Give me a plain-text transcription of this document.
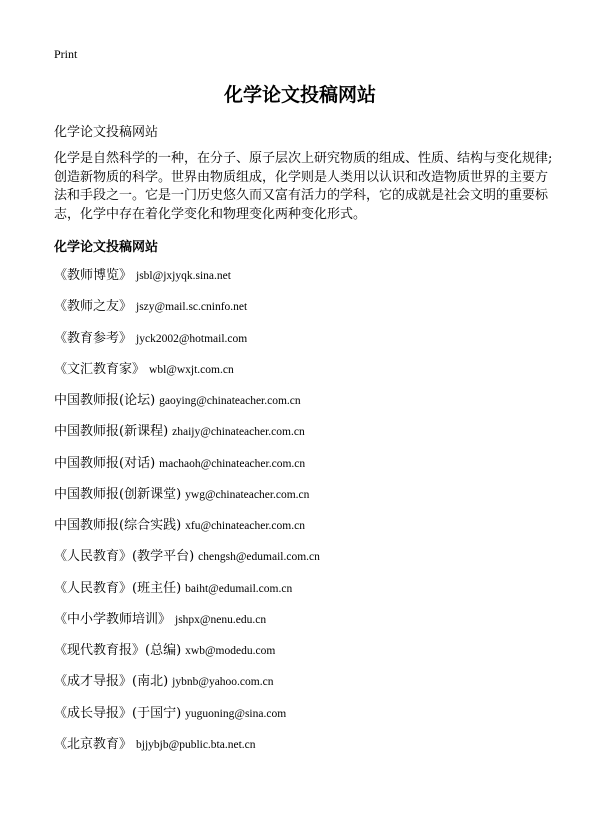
Print
化学论文投稿网站

化学论文投稿网站

化学是自然科学的一种，在分子、原子层次上研究物质的组成、性质、结构与变化规律;创造新物质的科学。世界由物质组成，化学则是人类用以认识和改造物质世界的主要方法和手段之一。它是一门历史悠久而又富有活力的学科，它的成就是社会文明的重要标志，化学中存在着化学变化和物理变化两种变化形式。

化学论文投稿网站
《教师博览》 jsbl@jxjyqk.sina.net
《教师之友》 jszy@mail.sc.cninfo.net
《教育参考》 jyck2002@hotmail.com
《文汇教育家》 wbl@wxjt.com.cn
中国教师报(论坛) gaoying@chinateacher.com.cn
中国教师报(新课程) zhaijy@chinateacher.com.cn
中国教师报(对话) machaoh@chinateacher.com.cn
中国教师报(创新课堂) ywg@chinateacher.com.cn
中国教师报(综合实践) xfu@chinateacher.com.cn
《人民教育》(教学平台) chengsh@edumail.com.cn
《人民教育》(班主任) baiht@edumail.com.cn
《中小学教师培训》 jshpx@nenu.edu.cn
《现代教育报》(总编) xwb@modedu.com
《成才导报》(南北) jybnb@yahoo.com.cn
《成长导报》(于国宁) yuguoning@sina.com
《北京教育》 bjjybjb@public.bta.net.cn
